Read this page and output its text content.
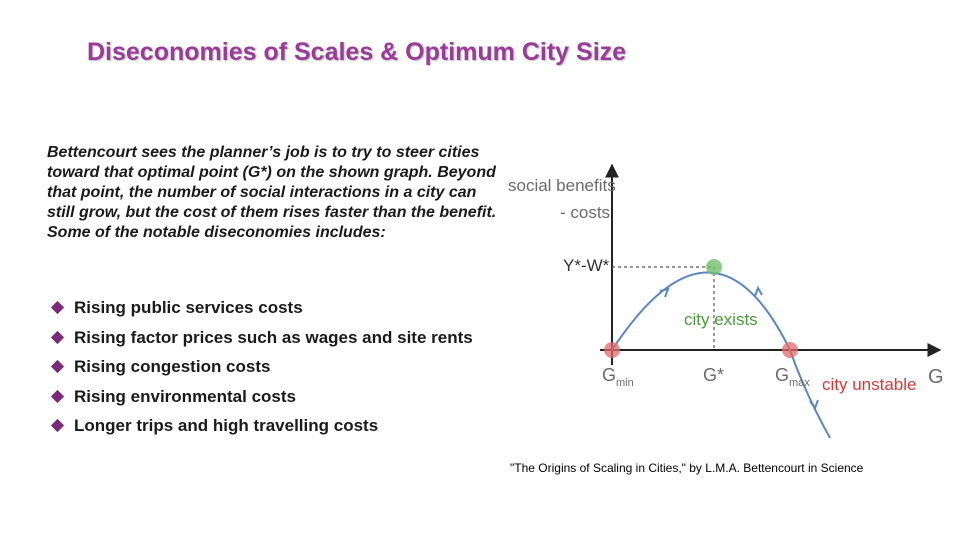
Diseconomies of Scales & Optimum City Size

Bettencourt sees the planner’s job is to try to steer cities toward that optimal point (G*) on the shown graph. Beyond that point, the number of social interactions in a city can still grow, but the cost of them rises faster than the benefit. Some of the notable diseconomies includes:

Rising public services costs
Rising factor prices such as wages and site rents
Rising congestion costs
Rising environmental costs
Longer trips and high travelling costs
social benefits
- costs
Y*-W*
city exists
city unstable
$G_{min}$	G*	$G_{max}$	G
"The Origins of Scaling in Cities," by L.M.A. Bettencourt in Science
